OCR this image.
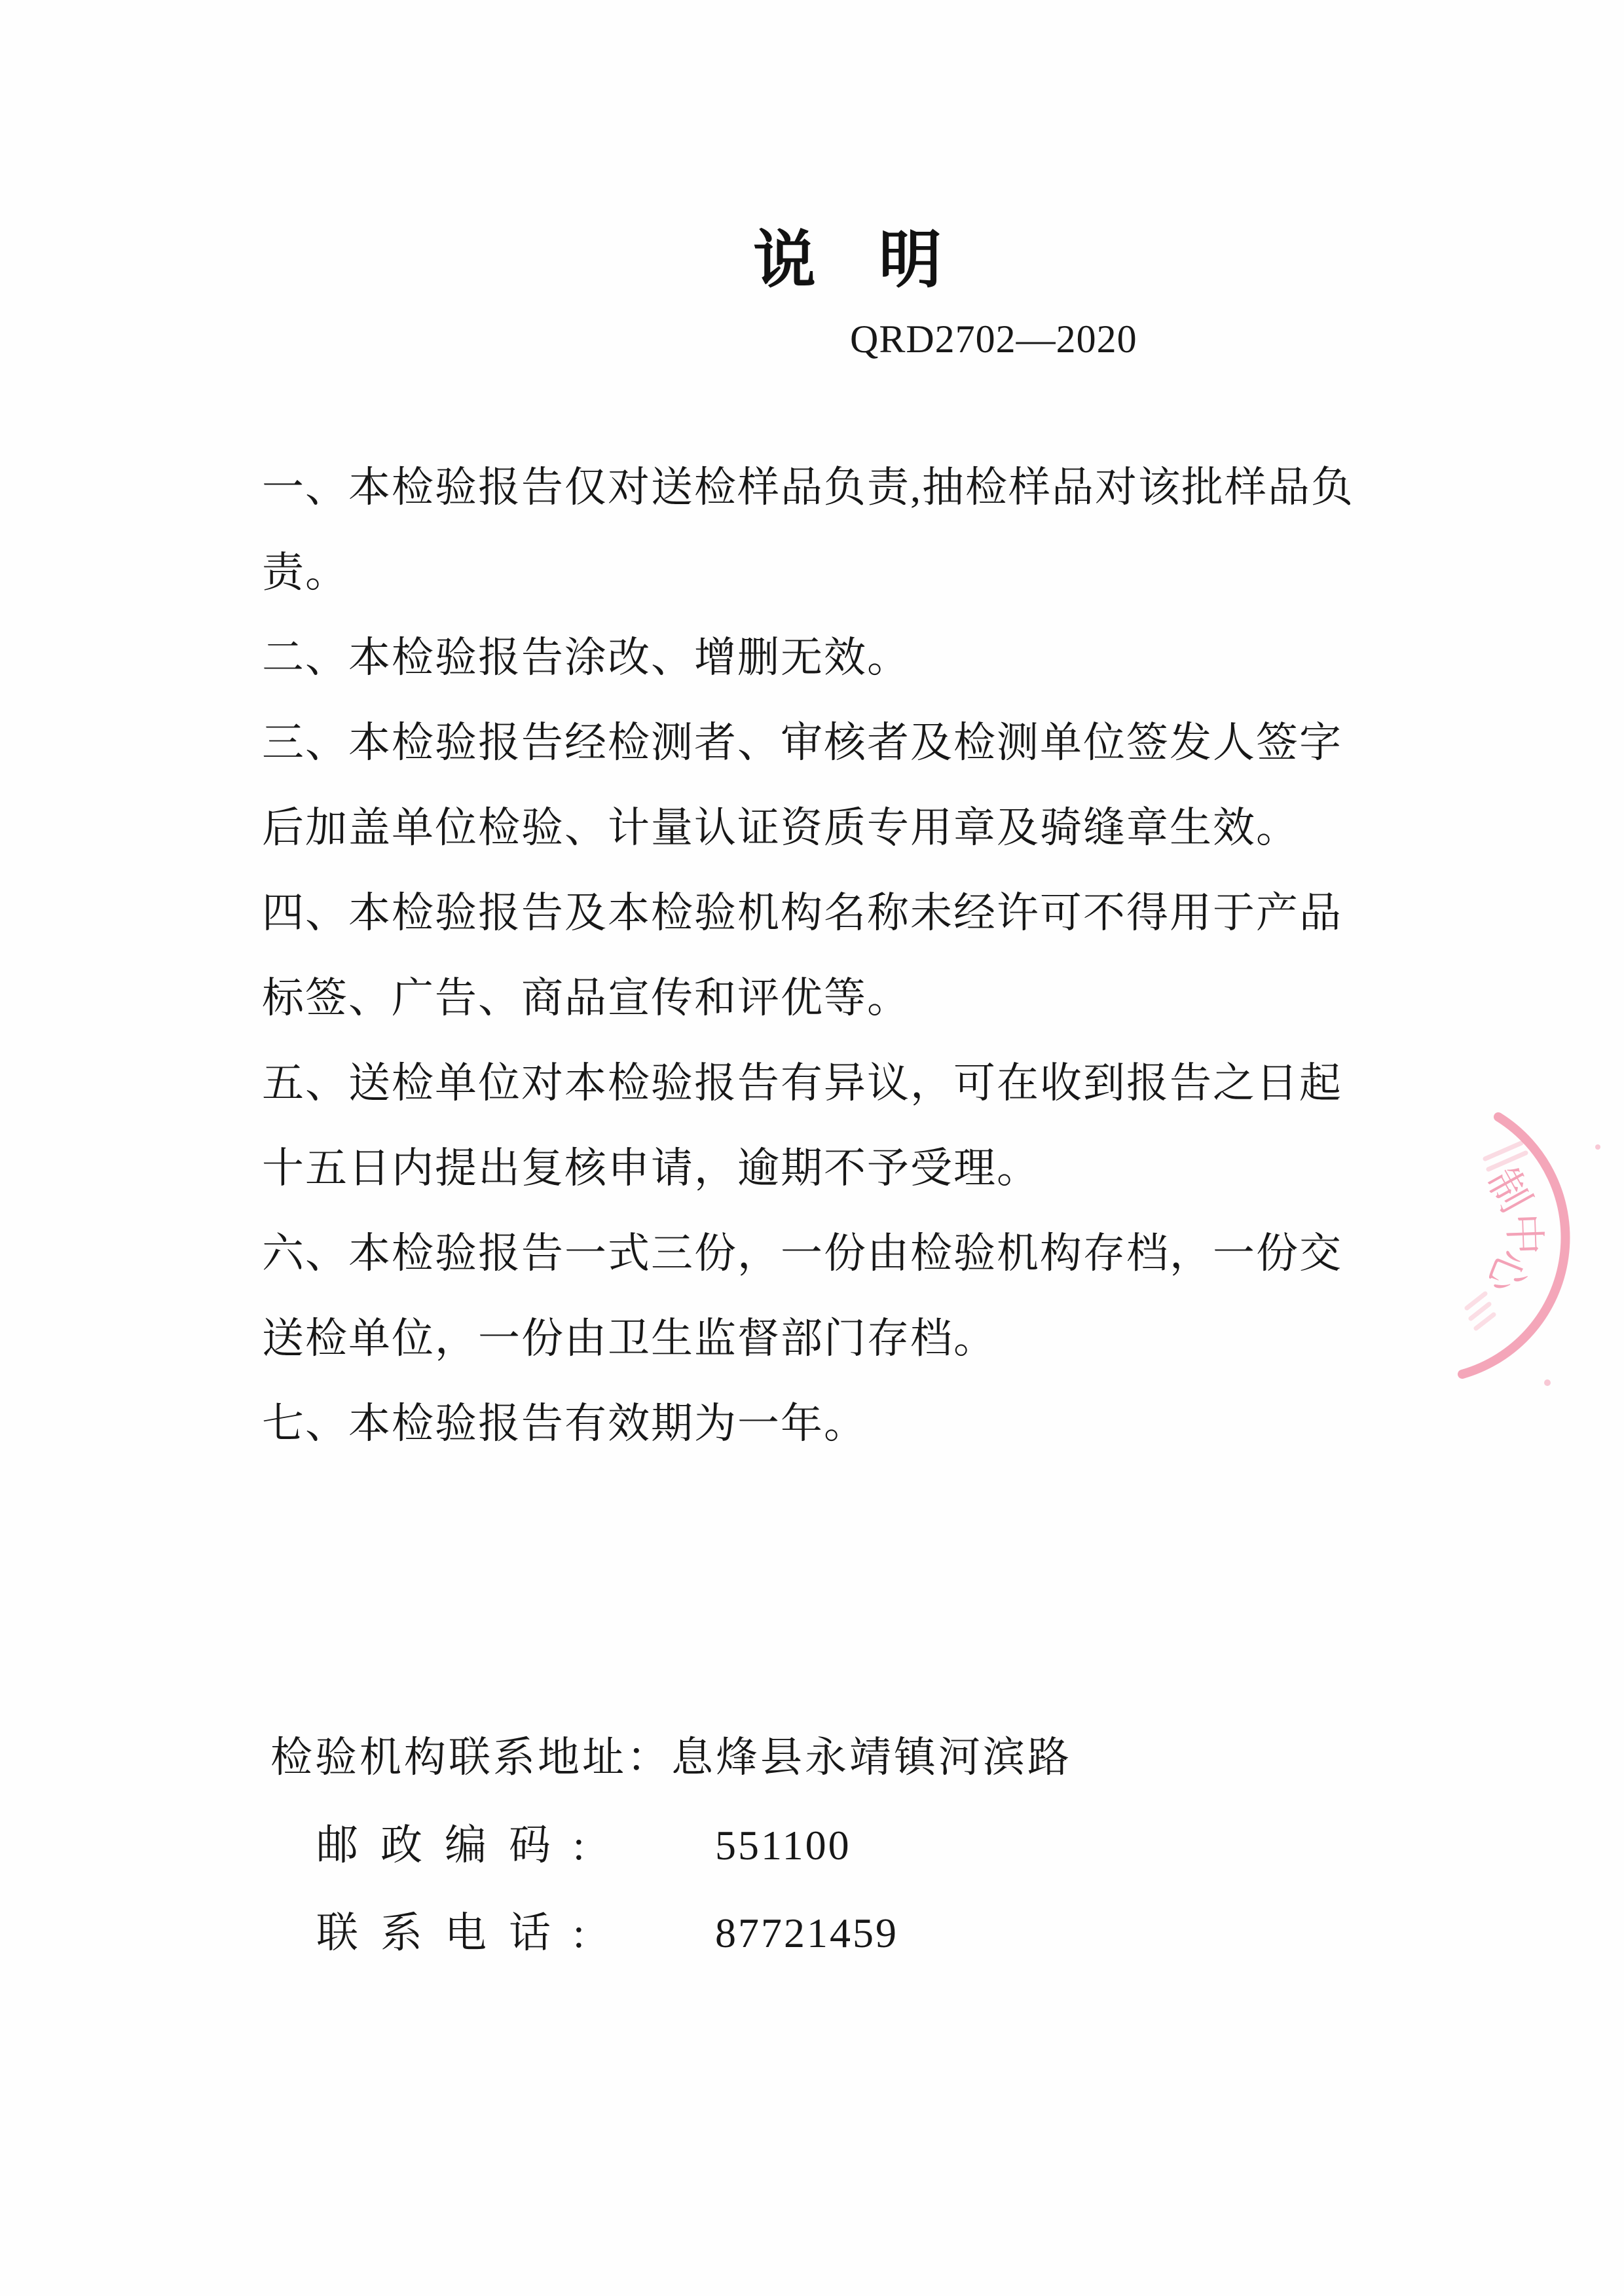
说明
QRD2702—2020
一、本检验报告仅对送检样品负责,抽检样品对该批样品负
责。
二、本检验报告涂改、增删无效。
三、本检验报告经检测者、审核者及检测单位签发人签字
后加盖单位检验、计量认证资质专用章及骑缝章生效。
四、本检验报告及本检验机构名称未经许可不得用于产品
标签、广告、商品宣传和评优等。
五、送检单位对本检验报告有异议，可在收到报告之日起
十五日内提出复核申请，逾期不予受理。
六、本检验报告一式三份，一份由检验机构存档，一份交
送检单位，一份由卫生监督部门存档。
七、本检验报告有效期为一年。
检验机构联系地址：息烽县永靖镇河滨路
邮政编码:	551100
联系电话:	87721459
制
中
心
